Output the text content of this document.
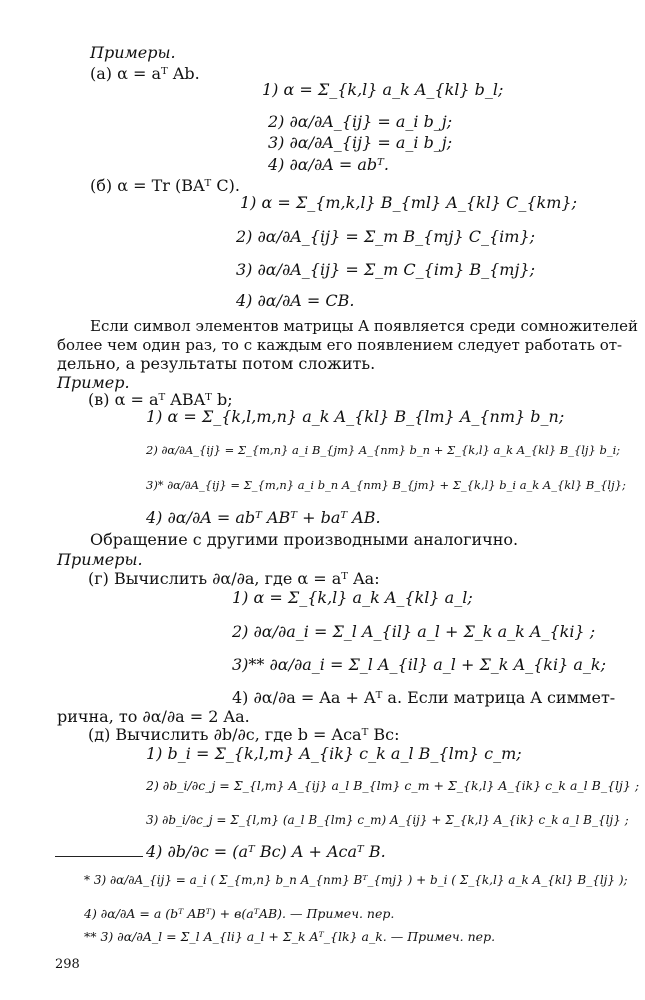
Примеры.
(а) α = aᵀ Ab.
1) α = Σ_{k,l} a_k A_{kl} b_l;
2) ∂α/∂A_{ij} = a_i b_j;
3) ∂α/∂A_{ij} = a_i b_j;
4) ∂α/∂A = abᵀ.
(б) α = Tr (BAᵀ C).
1) α = Σ_{m,k,l} B_{ml} A_{kl} C_{km};
2) ∂α/∂A_{ij} = Σ_m B_{mj} C_{im};
3) ∂α/∂A_{ij} = Σ_m C_{im} B_{mj};
4) ∂α/∂A = CB.
Если символ элементов матрицы A появляется среди сомножителей
более чем один раз, то с каждым его появлением следует работать от-
дельно, а результаты потом сложить.
Пример.
(в) α = aᵀ ABAᵀ b;
1) α = Σ_{k,l,m,n} a_k A_{kl} B_{lm} A_{nm} b_n;
2) ∂α/∂A_{ij} = Σ_{m,n} a_i B_{jm} A_{nm} b_n + Σ_{k,l} a_k A_{kl} B_{lj} b_i;
3)* ∂α/∂A_{ij} = Σ_{m,n} a_i b_n A_{nm} B_{jm} + Σ_{k,l} b_i a_k A_{kl} B_{lj};
4) ∂α/∂A = abᵀ ABᵀ + baᵀ AB.
Обращение с другими производными аналогично.
Примеры.
(г) Вычислить ∂α/∂a, где α = aᵀ Aa:
1) α = Σ_{k,l} a_k A_{kl} a_l;
2) ∂α/∂a_i = Σ_l A_{il} a_l + Σ_k a_k A_{ki} ;
3)** ∂α/∂a_i = Σ_l A_{il} a_l + Σ_k A_{ki} a_k;
4) ∂α/∂a = Aa + Aᵀ a. Если матрица A симмет-
рична, то ∂α/∂a = 2 Aa.
(д) Вычислить ∂b/∂c, где b = Acaᵀ Bc:
1) b_i = Σ_{k,l,m} A_{ik} c_k a_l B_{lm} c_m;
2) ∂b_i/∂c_j = Σ_{l,m} A_{ij} a_l B_{lm} c_m + Σ_{k,l} A_{ik} c_k a_l B_{lj} ;
3) ∂b_i/∂c_j = Σ_{l,m} (a_l B_{lm} c_m) A_{ij} + Σ_{k,l} A_{ik} c_k a_l B_{lj} ;
4) ∂b/∂c = (aᵀ Bc) A + Acaᵀ B.
* 3) ∂α/∂A_{ij} = a_i ( Σ_{m,n} b_n A_{nm} Bᵀ_{mj} ) + b_i ( Σ_{k,l} a_k A_{kl} B_{lj} );
4) ∂α/∂A = a (bᵀ ABᵀ) + в(aᵀAB). — Примеч. пер.
** 3) ∂α/∂A_l = Σ_l A_{li} a_l + Σ_k Aᵀ_{lk} a_k. — Примеч. пер.
298
